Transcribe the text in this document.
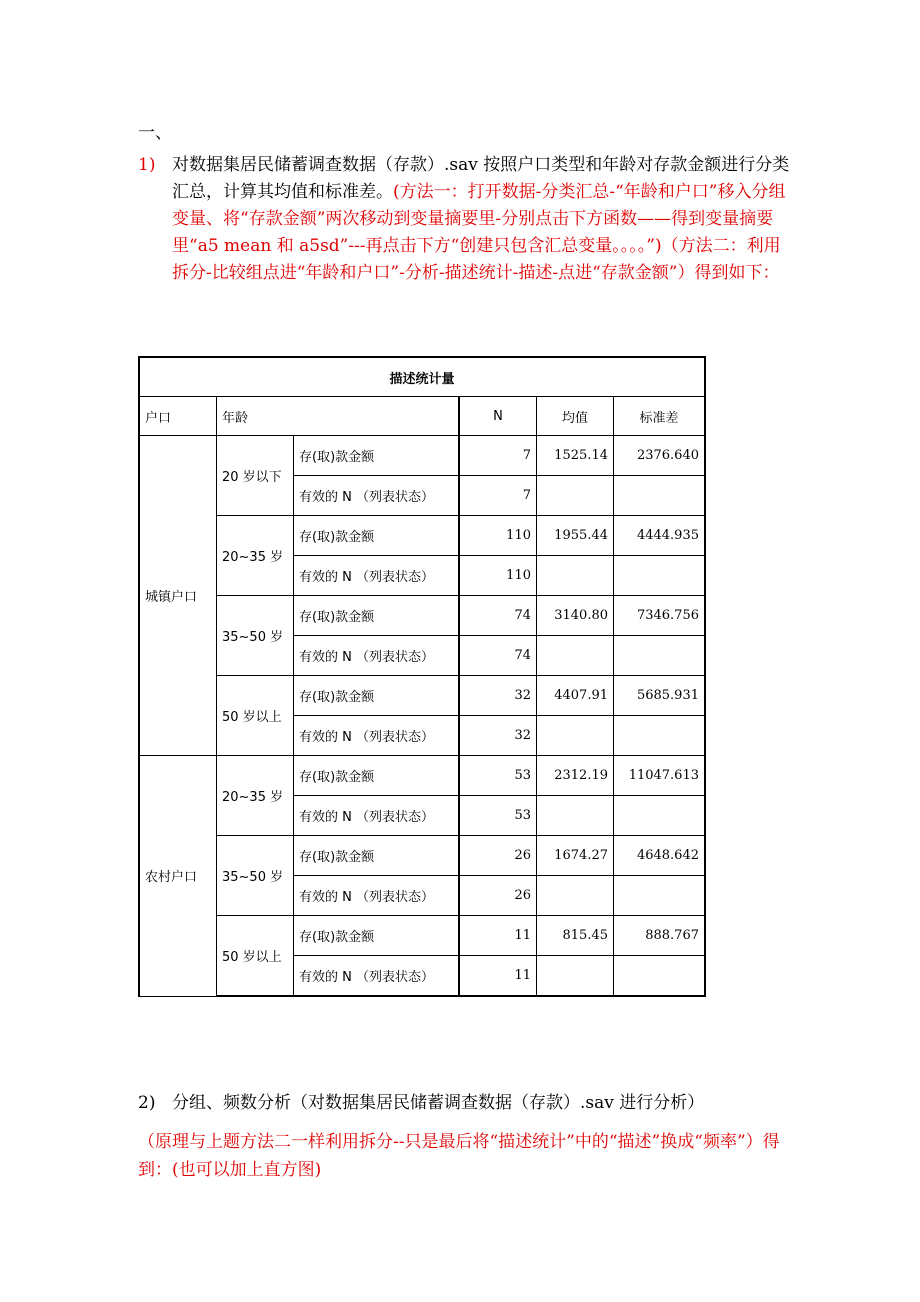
一、
1) 对数据集居民储蓄调查数据（存款）.sav 按照户口类型和年龄对存款金额进行分类汇总，计算其均值和标准差。(方法一：打开数据-分类汇总-“年龄和户口”移入分组变量、将“存款金额”两次移动到变量摘要里-分别点击下方函数——得到变量摘要里“a5 mean 和 a5sd”---再点击下方“创建只包含汇总变量。。。。”)（方法二：利用拆分-比较组点进“年龄和户口”-分析-描述统计-描述-点进“存款金额”）得到如下：
描述统计量					
户口	年龄		N	均值	标准差
城镇户口	20 岁以下	存(取)款金额	7	1525.14	2376.640
		有效的 N （列表状态）	7		
	20~35 岁	存(取)款金额	110	1955.44	4444.935
		有效的 N （列表状态）	110		
	35~50 岁	存(取)款金额	74	3140.80	7346.756
		有效的 N （列表状态）	74		
	50 岁以上	存(取)款金额	32	4407.91	5685.931
		有效的 N （列表状态）	32		
农村户口	20~35 岁	存(取)款金额	53	2312.19	11047.613
		有效的 N （列表状态）	53		
	35~50 岁	存(取)款金额	26	1674.27	4648.642
		有效的 N （列表状态）	26		
	50 岁以上	存(取)款金额	11	815.45	888.767
		有效的 N （列表状态）	11		
2) 分组、频数分析（对数据集居民储蓄调查数据（存款）.sav 进行分析）
（原理与上题方法二一样利用拆分--只是最后将“描述统计”中的“描述”换成“频率”）得到：(也可以加上直方图)
